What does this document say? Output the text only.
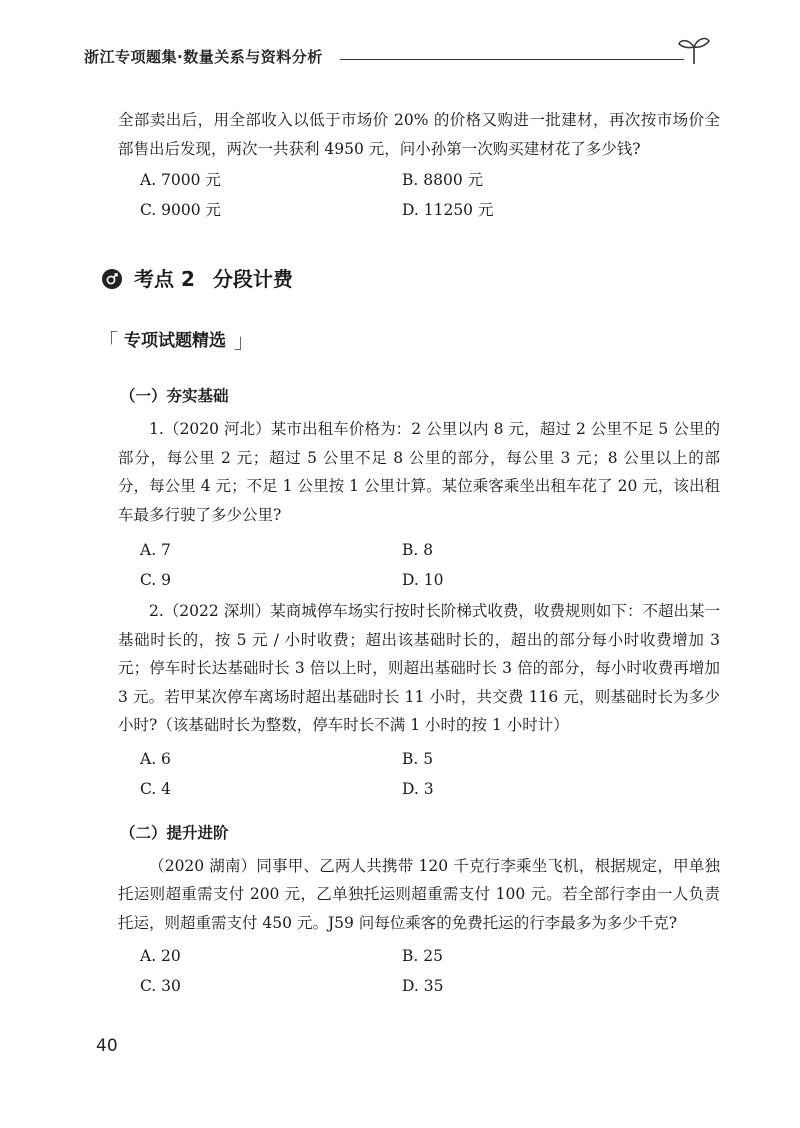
浙江专项题集·数量关系与资料分析

全部卖出后，用全部收入以低于市场价 20% 的价格又购进一批建材，再次按市场价全部售出后发现，两次一共获利 4950 元，问小孙第一次购买建材花了多少钱?

A. 7000 元	B. 8800 元
C. 9000 元	D. 11250 元
考点 2 分段计费
「 专项试题精选 」
（一）夯实基础

1.（2020 河北）某市出租车价格为：2 公里以内 8 元，超过 2 公里不足 5 公里的部分，每公里 2 元；超过 5 公里不足 8 公里的部分，每公里 3 元；8 公里以上的部分，每公里 4 元；不足 1 公里按 1 公里计算。某位乘客乘坐出租车花了 20 元，该出租车最多行驶了多少公里?

A. 7	B. 8
C. 9	D. 10

2.（2022 深圳）某商城停车场实行按时长阶梯式收费，收费规则如下：不超出某一基础时长的，按 5 元 / 小时收费；超出该基础时长的，超出的部分每小时收费增加 3 元；停车时长达基础时长 3 倍以上时，则超出基础时长 3 倍的部分，每小时收费再增加 3 元。若甲某次停车离场时超出基础时长 11 小时，共交费 116 元，则基础时长为多少小时?（该基础时长为整数，停车时长不满 1 小时的按 1 小时计）

A. 6	B. 5
C. 4	D. 3
（二）提升进阶

（2020 湖南）同事甲、乙两人共携带 120 千克行李乘坐飞机，根据规定，甲单独托运则超重需支付 200 元，乙单独托运则超重需支付 100 元。若全部行李由一人负责托运，则超重需支付 450 元。J59 问每位乘客的免费托运的行李最多为多少千克?

A. 20	B. 25
C. 30	D. 35
40
